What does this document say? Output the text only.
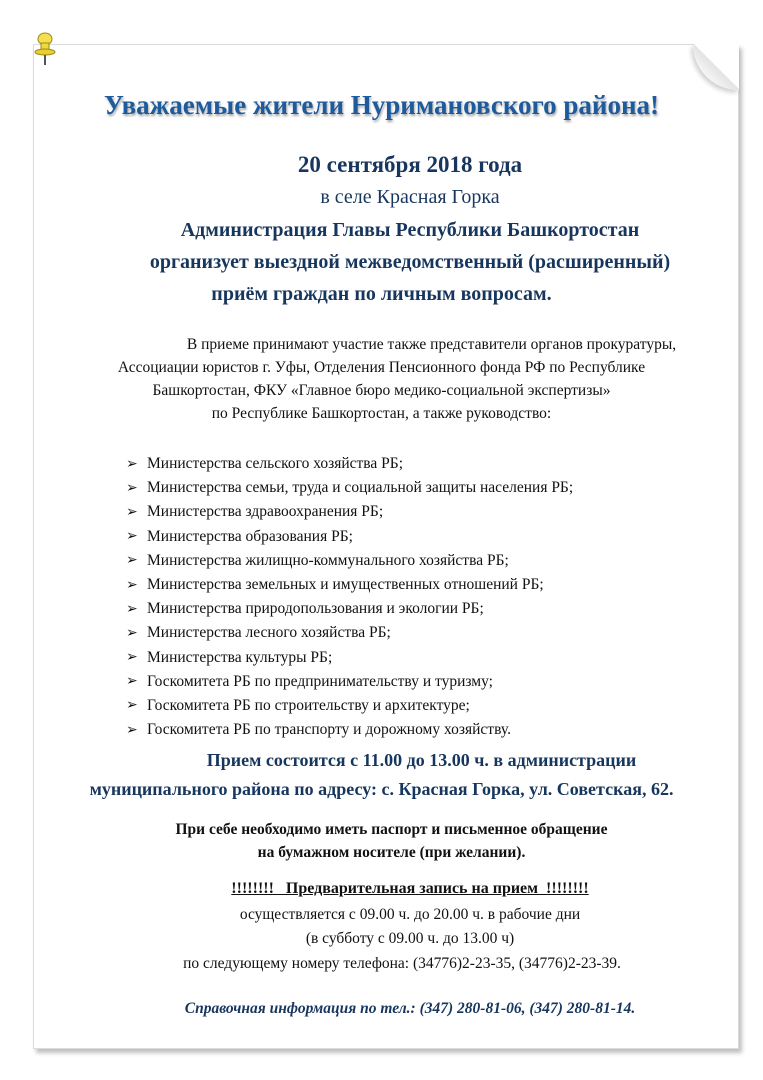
Уважаемые жители Нуримановского района!
20 сентября 2018 года
в селе Красная Горка
Администрация Главы Республики Башкортостан
организует выездной межведомственный (расширенный)
приём граждан по личным вопросам.
В приеме принимают участие также представители органов прокуратуры,
Ассоциации юристов г. Уфы, Отделения Пенсионного фонда РФ по Республике
Башкортостан, ФКУ «Главное бюро медико-социальной экспертизы»
по Республике Башкортостан, а также руководство:
➢ Министерства сельского хозяйства РБ;
➢ Министерства семьи, труда и социальной защиты населения РБ;
➢ Министерства здравоохранения РБ;
➢ Министерства образования РБ;
➢ Министерства жилищно-коммунального хозяйства РБ;
➢ Министерства земельных и имущественных отношений РБ;
➢ Министерства природопользования и экологии РБ;
➢ Министерства лесного хозяйства РБ;
➢ Министерства культуры РБ;
➢ Госкомитета РБ по предпринимательству и туризму;
➢ Госкомитета РБ по строительству и архитектуре;
➢ Госкомитета РБ по транспорту и дорожному хозяйству.
Прием состоится с 11.00 до 13.00 ч. в администрации
муниципального района по адресу: с. Красная Горка, ул. Советская, 62.
При себе необходимо иметь паспорт и письменное обращение
на бумажном носителе (при желании).
!!!!!!!!   Предварительная запись на прием  !!!!!!!!
осуществляется с 09.00 ч. до 20.00 ч. в рабочие дни
(в субботу с 09.00 ч. до 13.00 ч)
по следующему номеру телефона: (34776)2-23-35, (34776)2-23-39.
Справочная информация по тел.: (347) 280-81-06, (347) 280-81-14.
